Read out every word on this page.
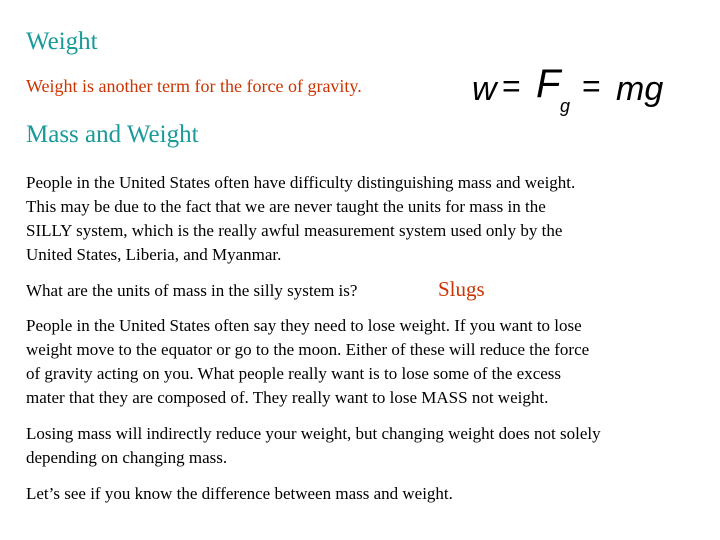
Weight
Weight is another term for the force of gravity.	w = F g
= mg
Mass and Weight
People in the United States often have difficulty distinguishing mass and weight.
This may be due to the fact that we are never taught the units for mass in the
SILLY system, which is the really awful measurement system used only by the
United States, Liberia, and Myanmar.
What are the units of mass in the silly system is?	Slugs
People in the United States often say they need to lose weight. If you want to lose
weight move to the equator or go to the moon. Either of these will reduce the force
of gravity acting on you. What people really want is to lose some of the excess
mater that they are composed of. They really want to lose MASS not weight.
Losing mass will indirectly reduce your weight, but changing weight does not solely
depending on changing mass.
Let’s see if you know the difference between mass and weight.
